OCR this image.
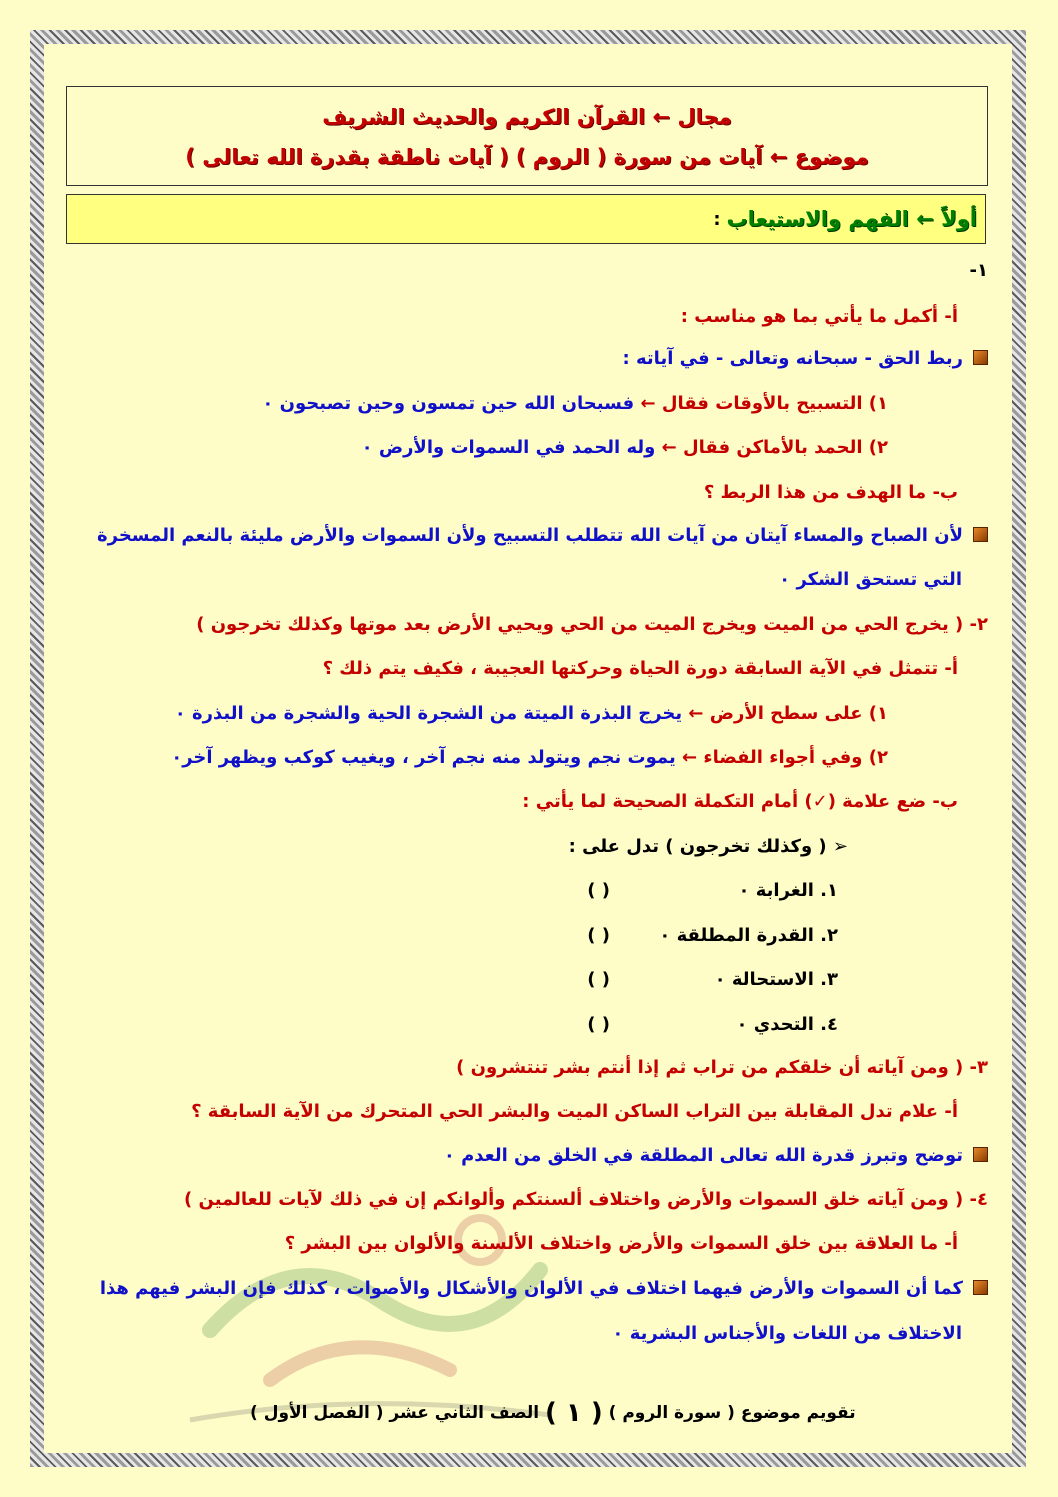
مجال ← القرآن الكريم والحديث الشريف
موضوع ← آيات من سورة ( الروم ) ( آيات ناطقة بقدرة الله تعالى )
أولاً ← الفهم والاستيعاب
:
١-
أ- أكمل ما يأتي بما هو مناسب :
ربط الحق - سبحانه وتعالى - في آياته :
١) التسبيح بالأوقات فقال ← فسبحان الله حين تمسون وحين تصبحون ٠
٢) الحمد بالأماكن فقال ← وله الحمد في السموات والأرض ٠
ب- ما الهدف من هذا الربط ؟
لأن الصباح والمساء آيتان من آيات الله تتطلب التسبيح ولأن السموات والأرض مليئة بالنعم المسخرة
التي تستحق الشكر ٠
٢- ( يخرج الحي من الميت ويخرج الميت من الحي ويحيي الأرض بعد موتها وكذلك تخرجون )
أ- تتمثل في الآية السابقة دورة الحياة وحركتها العجيبة ، فكيف يتم ذلك ؟
١) على سطح الأرض ← يخرج البذرة الميتة من الشجرة الحية والشجرة من البذرة ٠
٢) وفي أجواء الفضاء ← يموت نجم ويتولد منه نجم آخر ، ويغيب كوكب ويظهر آخر٠
ب- ضع علامة (✓) أمام التكملة الصحيحة لما يأتي :
➢ ( وكذلك تخرجون ) تدل على :
١. الغرابة ٠
( )
٢. القدرة المطلقة ٠
( )
٣. الاستحالة ٠
( )
٤. التحدي ٠
( )
٣- ( ومن آياته أن خلقكم من تراب ثم إذا أنتم بشر تنتشرون )
أ- علام تدل المقابلة بين التراب الساكن الميت والبشر الحي المتحرك من الآية السابقة ؟
توضح وتبرز قدرة الله تعالى المطلقة في الخلق من العدم ٠
٤- ( ومن آياته خلق السموات والأرض واختلاف ألسنتكم وألوانكم إن في ذلك لآيات للعالمين )
أ- ما العلاقة بين خلق السموات والأرض واختلاف الألسنة والألوان بين البشر ؟
كما أن السموات والأرض فيهما اختلاف في الألوان والأشكال والأصوات ، كذلك فإن البشر فيهم هذا
الاختلاف من اللغات والأجناس البشرية ٠
تقويم موضوع ( سورة الروم ) ( ١ ) الصف الثاني عشر ( الفصل الأول )
